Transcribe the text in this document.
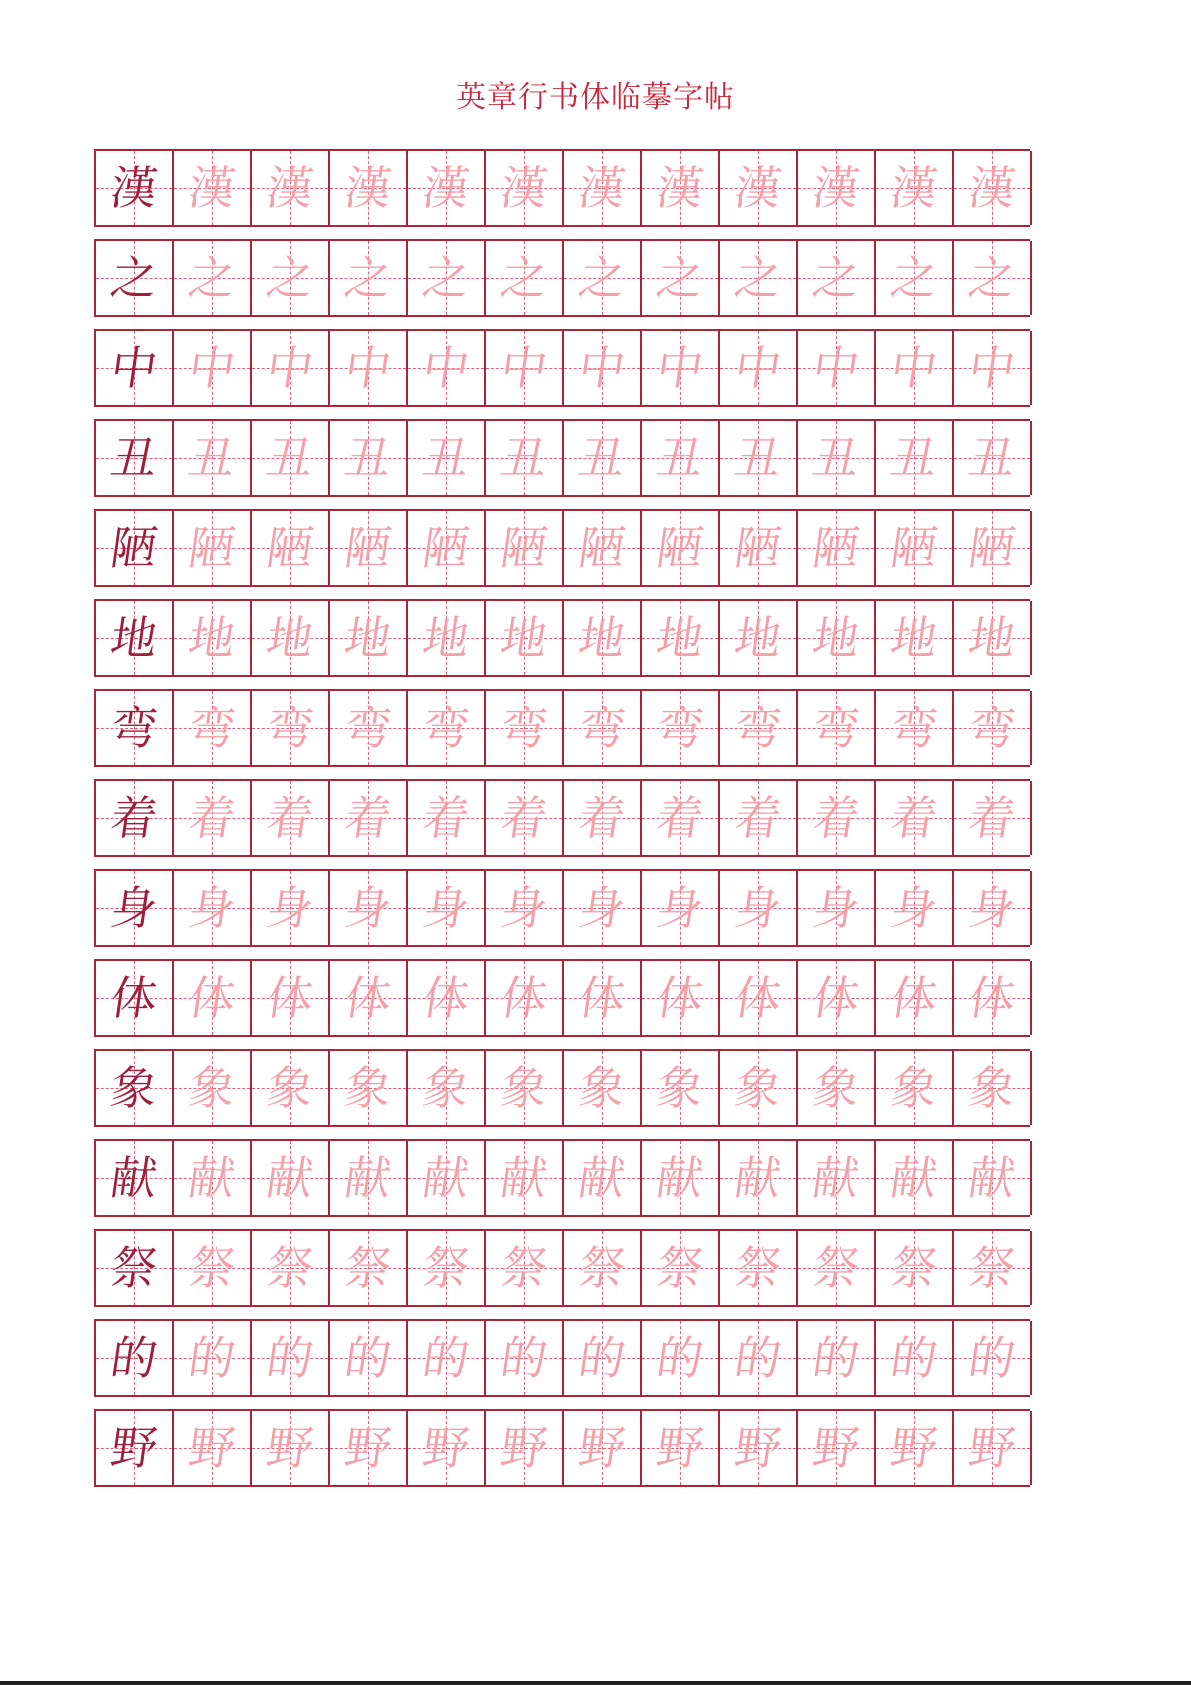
英章行书体临摹字帖
漢 漢 漢 漢 漢 漢 漢 漢 漢 漢 漢 漢
之 之 之 之 之 之 之 之 之 之 之 之
中 中 中 中 中 中 中 中 中 中 中 中
丑 丑 丑 丑 丑 丑 丑 丑 丑 丑 丑 丑
陋 陋 陋 陋 陋 陋 陋 陋 陋 陋 陋 陋
地 地 地 地 地 地 地 地 地 地 地 地
弯 弯 弯 弯 弯 弯 弯 弯 弯 弯 弯 弯
着 着 着 着 着 着 着 着 着 着 着 着
身 身 身 身 身 身 身 身 身 身 身 身
体 体 体 体 体 体 体 体 体 体 体 体
象 象 象 象 象 象 象 象 象 象 象 象
献 献 献 献 献 献 献 献 献 献 献 献
祭 祭 祭 祭 祭 祭 祭 祭 祭 祭 祭 祭
的 的 的 的 的 的 的 的 的 的 的 的
野 野 野 野 野 野 野 野 野 野 野 野
